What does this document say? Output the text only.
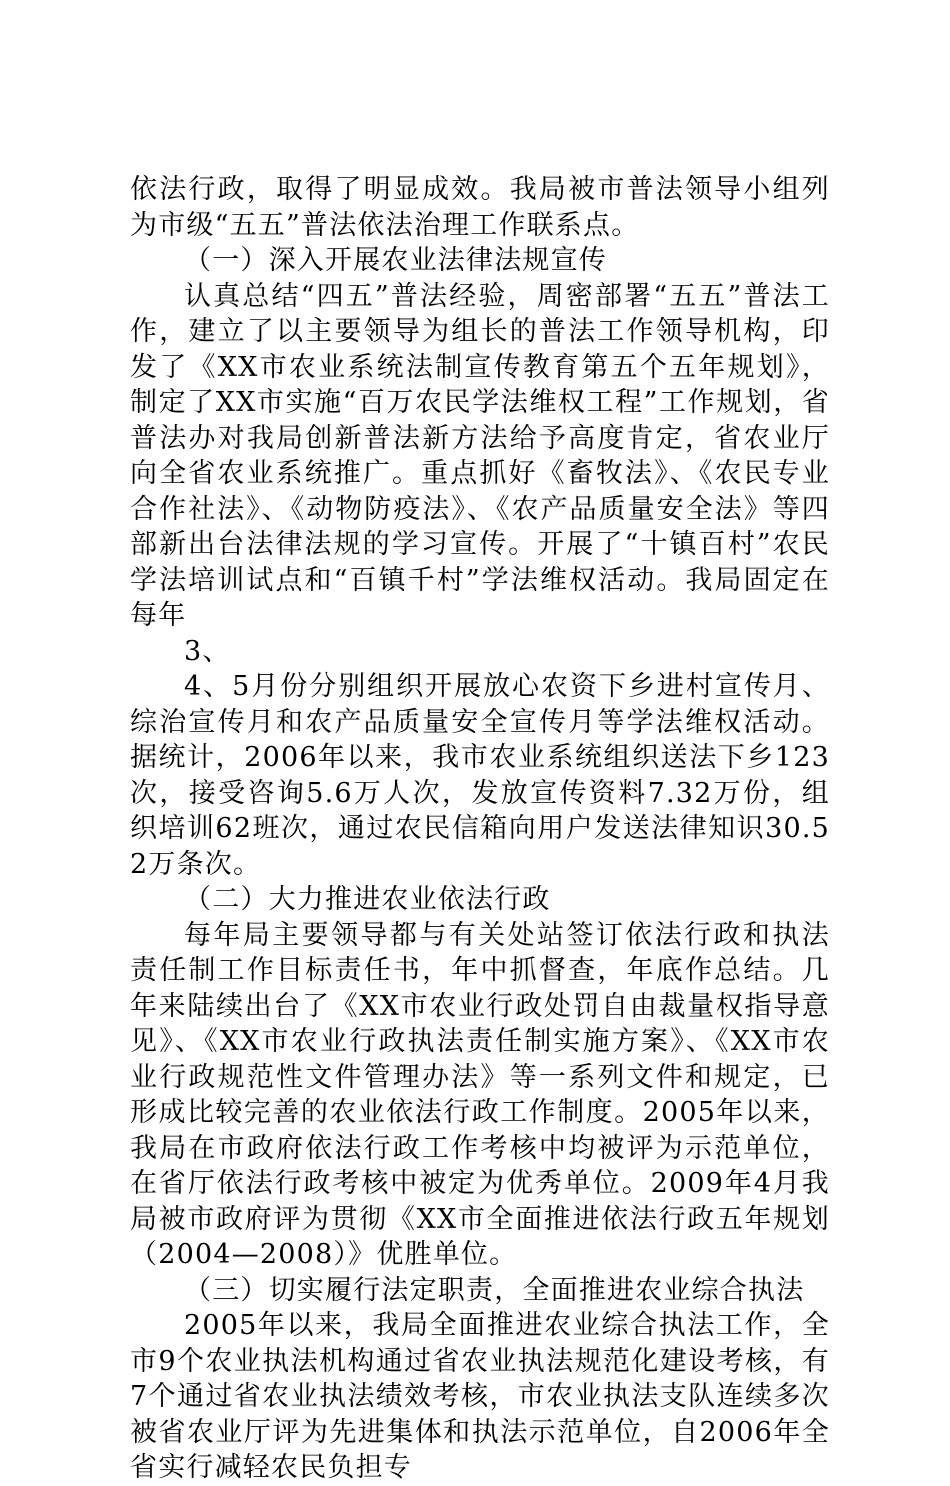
依法行政，取得了明显成效。我局被市普法领导小组列为市级“五五”普法依法治理工作联系点。

（一）深入开展农业法律法规宣传

认真总结“四五”普法经验，周密部署“五五”普法工作，建立了以主要领导为组长的普法工作领导机构，印发了《XX市农业系统法制宣传教育第五个五年规划》，制定了XX市实施“百万农民学法维权工程”工作规划，省普法办对我局创新普法新方法给予高度肯定，省农业厅向全省农业系统推广。重点抓好《畜牧法》、《农民专业合作社法》、《动物防疫法》、《农产品质量安全法》等四部新出台法律法规的学习宣传。开展了“十镇百村”农民学法培训试点和“百镇千村”学法维权活动。我局固定在每年

3、

4、5月份分别组织开展放心农资下乡进村宣传月、综治宣传月和农产品质量安全宣传月等学法维权活动。据统计，2006年以来，我市农业系统组织送法下乡123次，接受咨询5.6万人次，发放宣传资料7.32万份，组织培训62班次，通过农民信箱向用户发送法律知识30.52万条次。

（二）大力推进农业依法行政

每年局主要领导都与有关处站签订依法行政和执法责任制工作目标责任书，年中抓督查，年底作总结。几年来陆续出台了《XX市农业行政处罚自由裁量权指导意见》、《XX市农业行政执法责任制实施方案》、《XX市农业行政规范性文件管理办法》等一系列文件和规定，已形成比较完善的农业依法行政工作制度。2005年以来，我局在市政府依法行政工作考核中均被评为示范单位，在省厅依法行政考核中被定为优秀单位。2009年4月我局被市政府评为贯彻《XX市全面推进依法行政五年规划（2004—2008）》优胜单位。

（三）切实履行法定职责，全面推进农业综合执法

2005年以来，我局全面推进农业综合执法工作，全市9个农业执法机构通过省农业执法规范化建设考核，有7个通过省农业执法绩效考核，市农业执法支队连续多次被省农业厅评为先进集体和执法示范单位，自2006年全省实行减轻农民负担专
